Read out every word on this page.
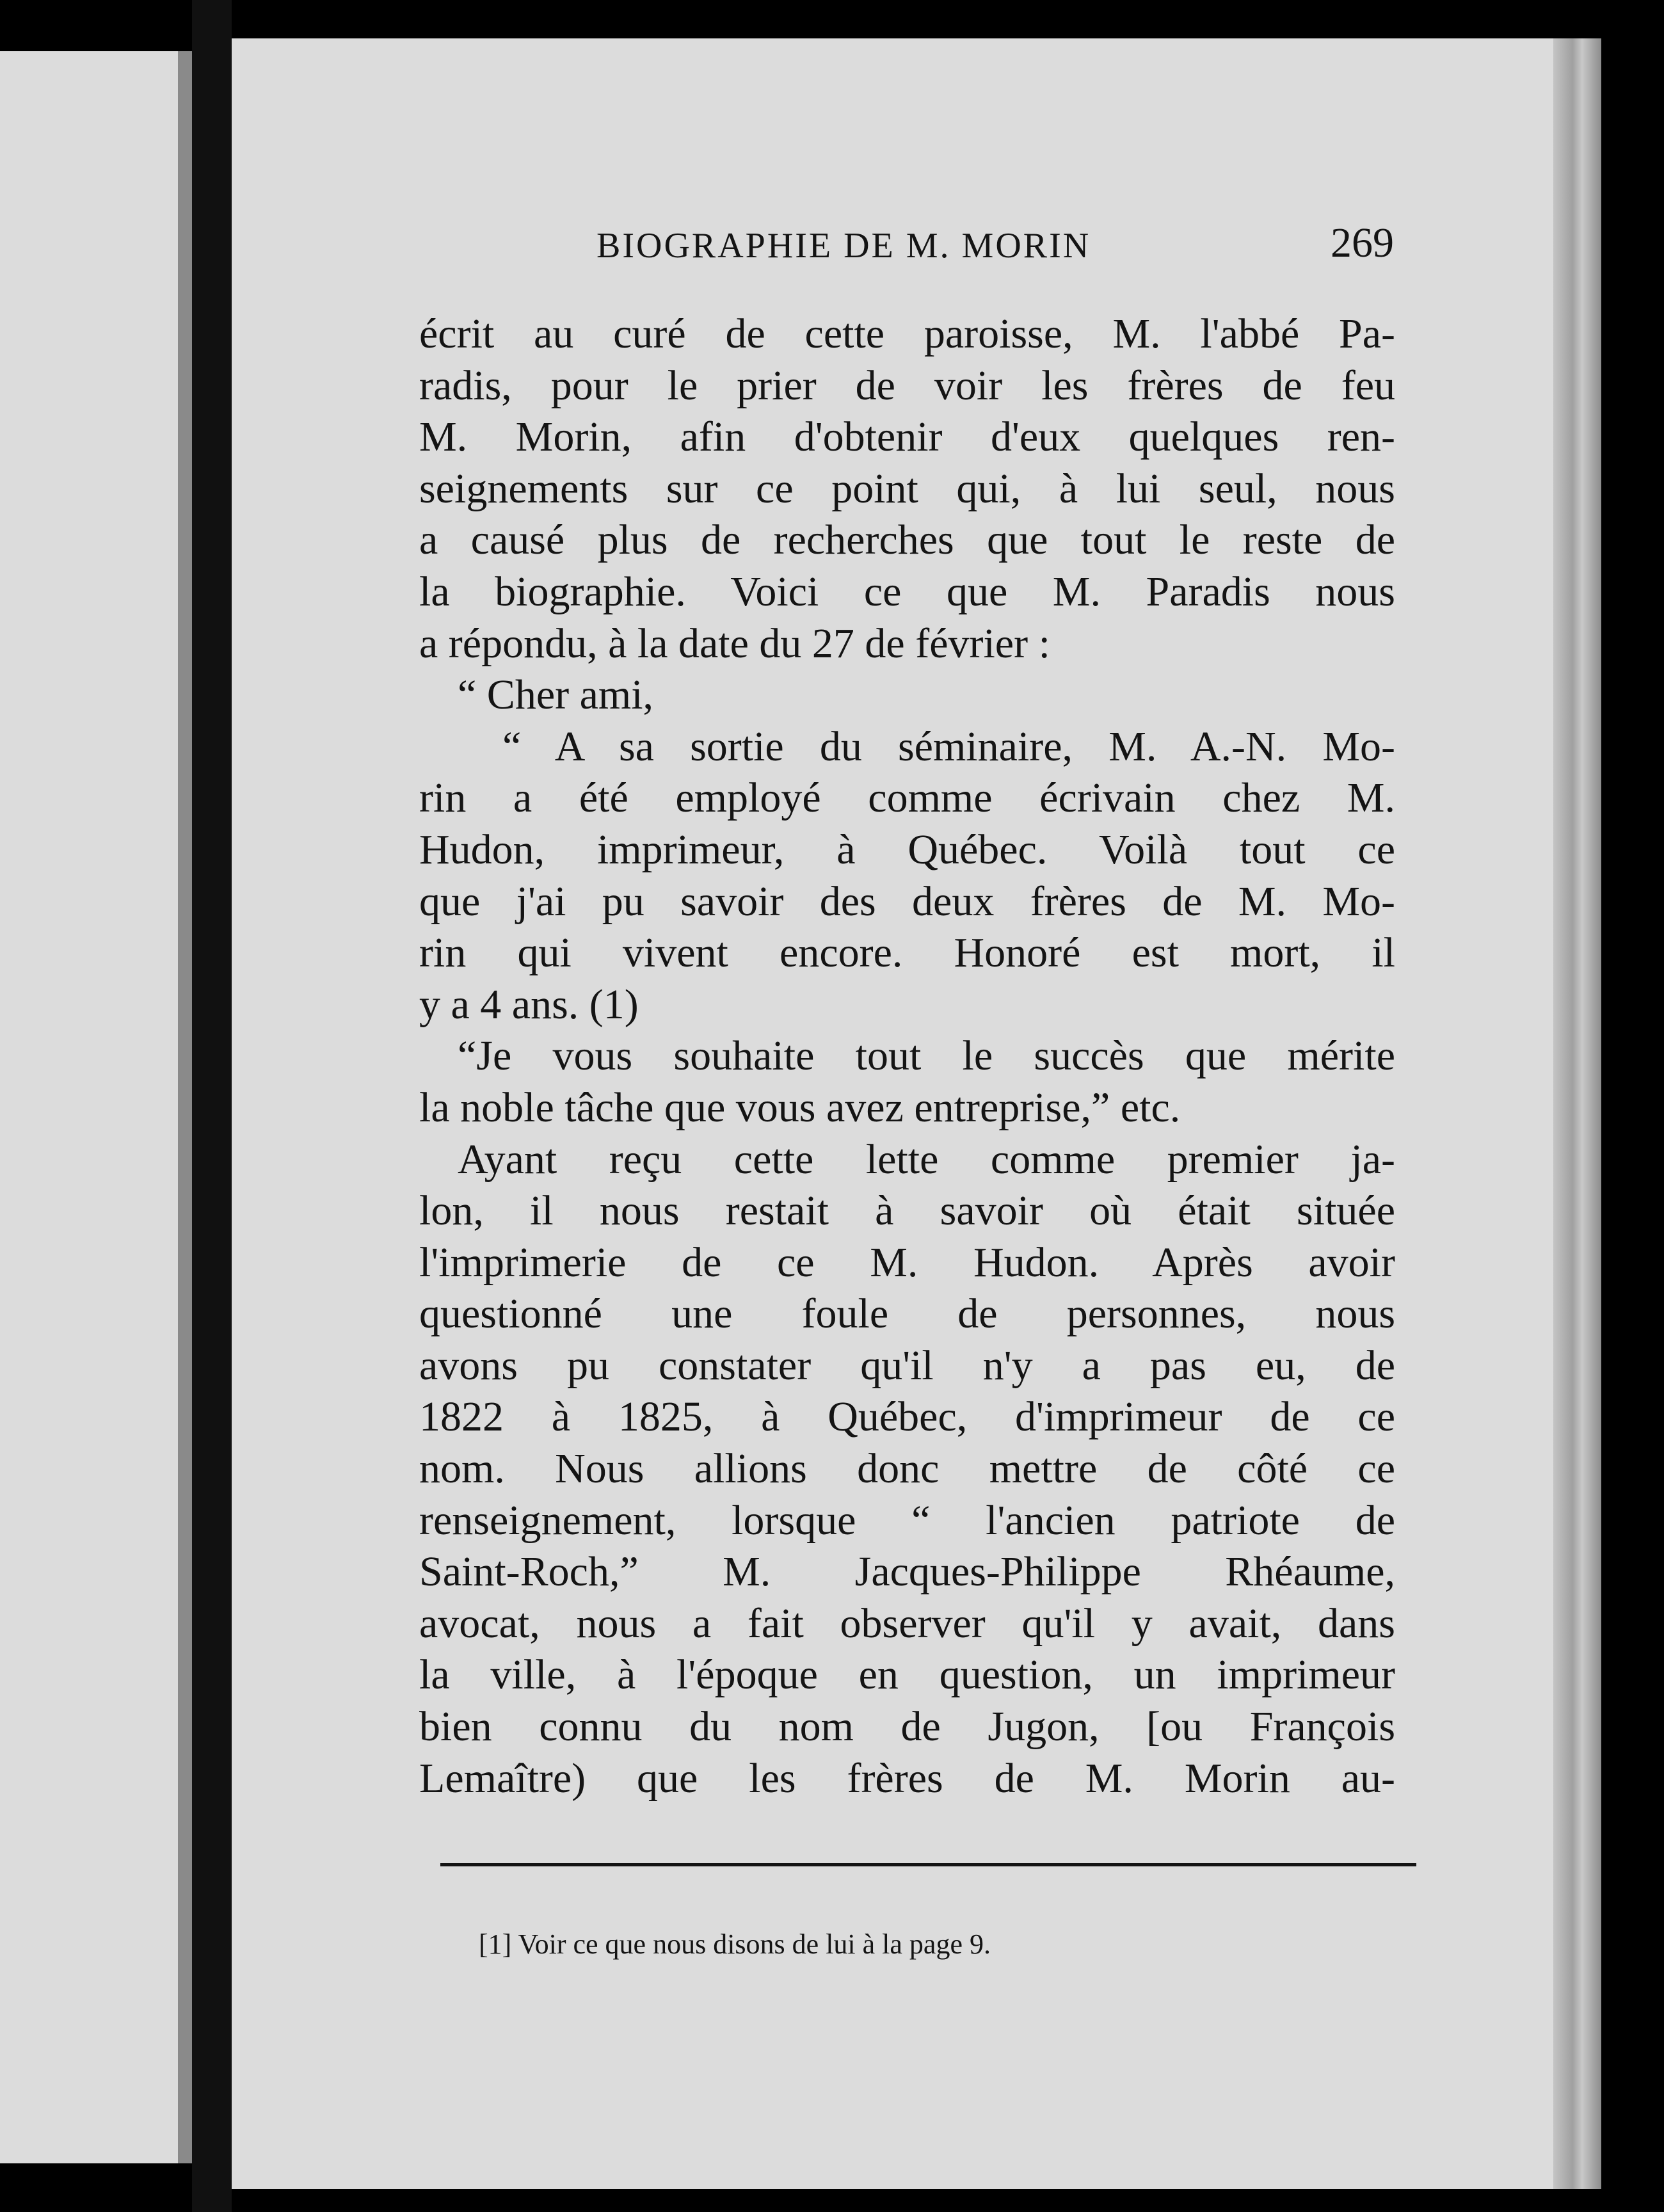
BIOGRAPHIE DE M. MORIN	269
écrit au curé de cette paroisse, M. l'abbé Pa-
radis, pour le prier de voir les frères de feu
M. Morin, afin d'obtenir d'eux quelques ren-
seignements sur ce point qui, à lui seul, nous
a causé plus de recherches que tout le reste de
la biographie. Voici ce que M. Paradis nous
a répondu, à la date du 27 de février :
“ Cher ami,
“ A sa sortie du séminaire, M. A.-N. Mo-
rin a été employé comme écrivain chez M.
Hudon, imprimeur, à Québec. Voilà tout ce
que j'ai pu savoir des deux frères de M. Mo-
rin qui vivent encore. Honoré est mort, il
y a 4 ans. (1)
“Je vous souhaite tout le succès que mérite
la noble tâche que vous avez entreprise,” etc.
Ayant reçu cette lette comme premier ja-
lon, il nous restait à savoir où était située
l'imprimerie de ce M. Hudon. Après avoir
questionné une foule de personnes, nous
avons pu constater qu'il n'y a pas eu, de
1822 à 1825, à Québec, d'imprimeur de ce
nom. Nous allions donc mettre de côté ce
renseignement, lorsque “ l'ancien patriote de
Saint-Roch,” M. Jacques-Philippe Rhéaume,
avocat, nous a fait observer qu'il y avait, dans
la ville, à l'époque en question, un imprimeur
bien connu du nom de Jugon, [ou François
Lemaître) que les frères de M. Morin au-
[1] Voir ce que nous disons de lui à la page 9.
